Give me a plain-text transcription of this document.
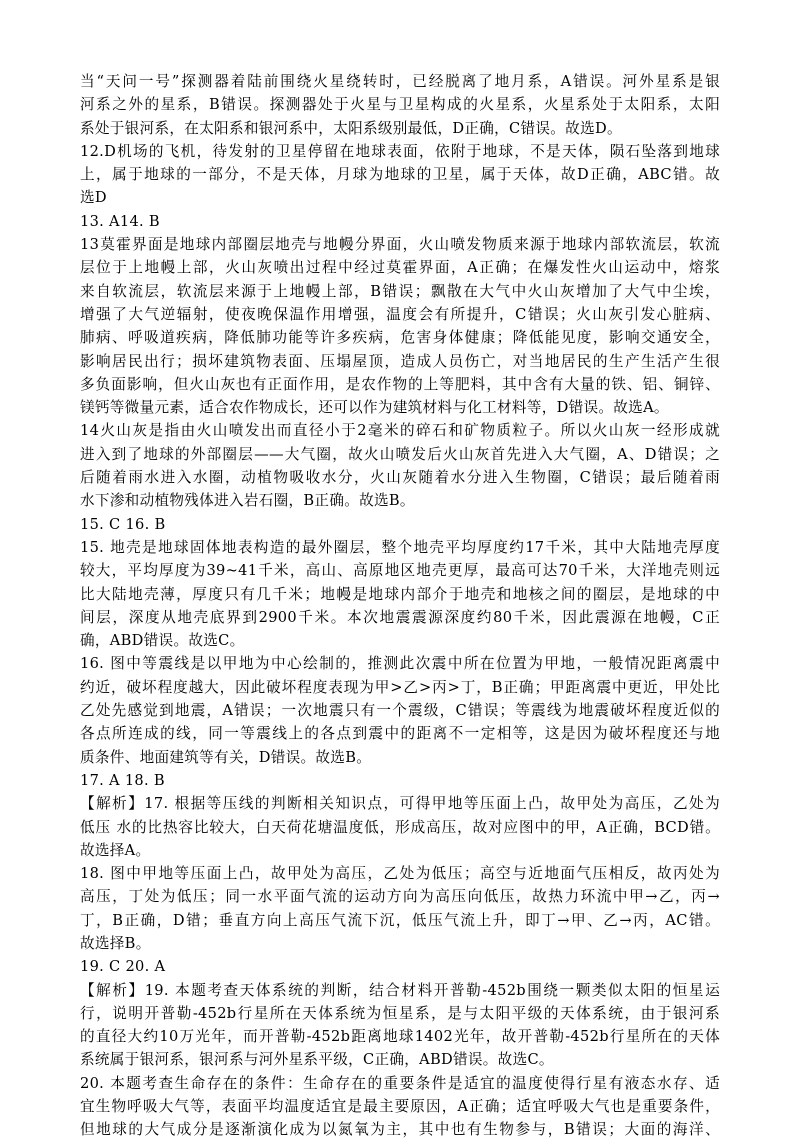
当“天问一号”探测器着陆前围绕火星绕转时，已经脱离了地月系，A错误。河外星系是银
河系之外的星系，B错误。探测器处于火星与卫星构成的火星系，火星系处于太阳系，太阳
系处于银河系，在太阳系和银河系中，太阳系级别最低，D正确，C错误。故选D。
12.D机场的飞机，待发射的卫星停留在地球表面，依附于地球，不是天体，陨石坠落到地球
上，属于地球的一部分，不是天体，月球为地球的卫星，属于天体，故D正确，ABC错。故
选D
13. A14. B
13莫霍界面是地球内部圈层地壳与地幔分界面，火山喷发物质来源于地球内部软流层，软流
层位于上地幔上部，火山灰喷出过程中经过莫霍界面，A正确；在爆发性火山运动中，熔浆
来自软流层，软流层来源于上地幔上部，B错误；飘散在大气中火山灰增加了大气中尘埃，
增强了大气逆辐射，使夜晚保温作用增强，温度会有所提升，C错误；火山灰引发心脏病、
肺病、呼吸道疾病，降低肺功能等许多疾病，危害身体健康；降低能见度，影响交通安全，
影响居民出行；损坏建筑物表面、压塌屋顶，造成人员伤亡，对当地居民的生产生活产生很
多负面影响，但火山灰也有正面作用，是农作物的上等肥料，其中含有大量的铁、铝、铜锌、
镁钙等微量元素，适合农作物成长，还可以作为建筑材料与化工材料等，D错误。故选A。
14火山灰是指由火山喷发出而直径小于2毫米的碎石和矿物质粒子。所以火山灰一经形成就
进入到了地球的外部圈层——大气圈，故火山喷发后火山灰首先进入大气圈，A、D错误；之
后随着雨水进入水圈，动植物吸收水分，火山灰随着水分进入生物圈，C错误；最后随着雨
水下渗和动植物残体进入岩石圈，B正确。故选B。
15. C 16. B
15. 地壳是地球固体地表构造的最外圈层，整个地壳平均厚度约17千米，其中大陆地壳厚度
较大，平均厚度为39~41千米，高山、高原地区地壳更厚，最高可达70千米，大洋地壳则远
比大陆地壳薄，厚度只有几千米；地幔是地球内部介于地壳和地核之间的圈层，是地球的中
间层，深度从地壳底界到2900千米。本次地震震源深度约80千米，因此震源在地幔，C正
确，ABD错误。故选C。
16. 图中等震线是以甲地为中心绘制的，推测此次震中所在位置为甲地，一般情况距离震中
约近，破坏程度越大，因此破坏程度表现为甲>乙>丙>丁，B正确；甲距离震中更近，甲处比
乙处先感觉到地震，A错误；一次地震只有一个震级，C错误；等震线为地震破坏程度近似的
各点所连成的线，同一等震线上的各点到震中的距离不一定相等，这是因为破坏程度还与地
质条件、地面建筑等有关，D错误。故选B。
17. A 18. B
【解析】17. 根据等压线的判断相关知识点，可得甲地等压面上凸，故甲处为高压，乙处为
低压 水的比热容比较大，白天荷花塘温度低，形成高压，故对应图中的甲，A正确，BCD错。
故选择A。
18. 图中甲地等压面上凸，故甲处为高压，乙处为低压；高空与近地面气压相反，故丙处为
高压，丁处为低压；同一水平面气流的运动方向为高压向低压，故热力环流中甲→乙，丙→
丁，B正确，D错；垂直方向上高压气流下沉，低压气流上升，即丁→甲、乙→丙，AC错。
故选择B。
19. C 20. A
【解析】19. 本题考查天体系统的判断，结合材料开普勒-452b围绕一颗类似太阳的恒星运
行，说明开普勒-452b行星所在天体系统为恒星系，是与太阳平级的天体系统，由于银河系
的直径大约10万光年，而开普勒-452b距离地球1402光年，故开普勒-452b行星所在的天体
系统属于银河系，银河系与河外星系平级，C正确，ABD错误。故选C。
20. 本题考查生命存在的条件：生命存在的重要条件是适宜的温度使得行星有液态水存、适
宜生物呼吸大气等，表面平均温度适宜是最主要原因，A正确；适宜呼吸大气也是重要条件，
但地球的大气成分是逐渐演化成为以氮氧为主，其中也有生物参与，B错误；大面的海洋、
